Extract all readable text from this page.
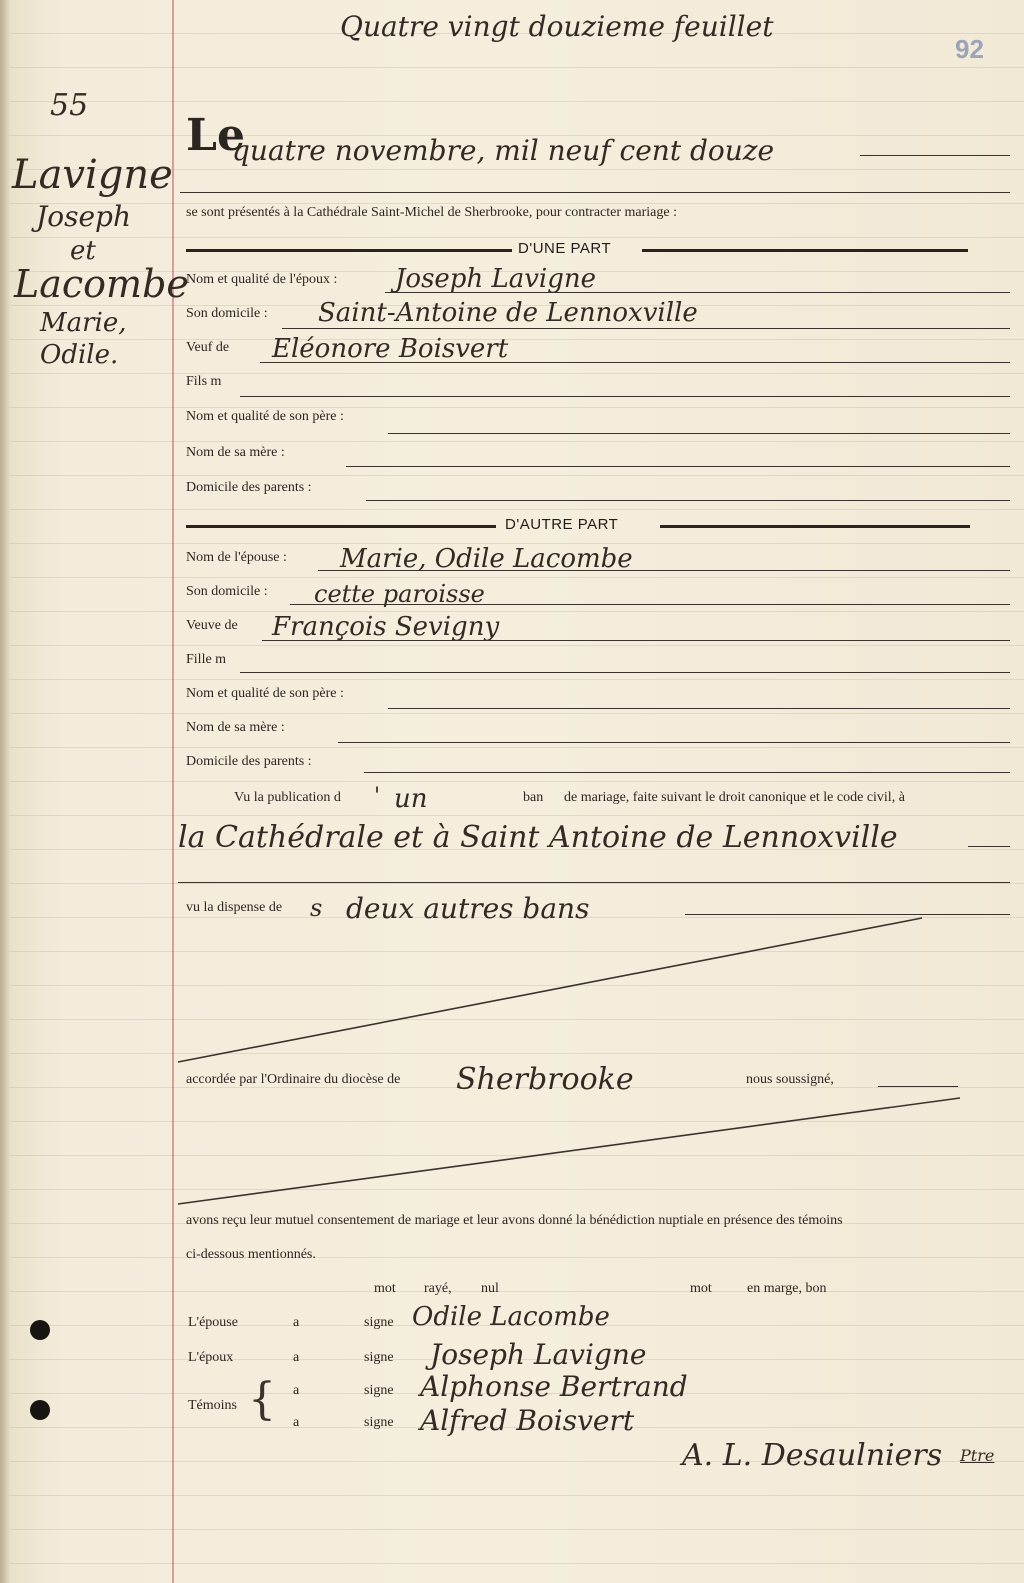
Quatre vingt douzieme feuillet
92
55
Lavigne
Joseph
et
Lacombe
Marie,
Odile.
Le
quatre novembre, mil neuf cent douze
se sont présentés à la Cathédrale Saint-Michel de Sherbrooke, pour contracter mariage :
D'UNE PART
Nom et qualité de l'époux : Joseph Lavigne
Son domicile : Saint-Antoine de Lennoxville
Veuf de Eléonore Boisvert
Fils m
Nom et qualité de son père :
Nom de sa mère :
Domicile des parents :
D'AUTRE PART
Nom de l'épouse : Marie, Odile Lacombe
Son domicile : cette paroisse
Veuve de François Sevigny
Fille m
Nom et qualité de son père :
Nom de sa mère :
Domicile des parents :
Vu la publication d ' un	ban de mariage, faite suivant le droit canonique et le code civil, à
la Cathédrale et à Saint Antoine de Lennoxville
vu la dispense de s deux autres bans
accordée par l'Ordinaire du diocèse de Sherbrooke	nous soussigné,
avons reçu leur mutuel consentement de mariage et leur avons donné la bénédiction nuptiale en présence des témoins
ci-dessous mentionnés.
mot rayé, nul	mot	en marge, bon
L'épouse	a	signe Odile Lacombe
L'époux	a	signe Joseph Lavigne
Témoins { a	signe Alphonse Bertrand
a	signe Alfred Boisvert
A. L. Desaulniers Ptre
